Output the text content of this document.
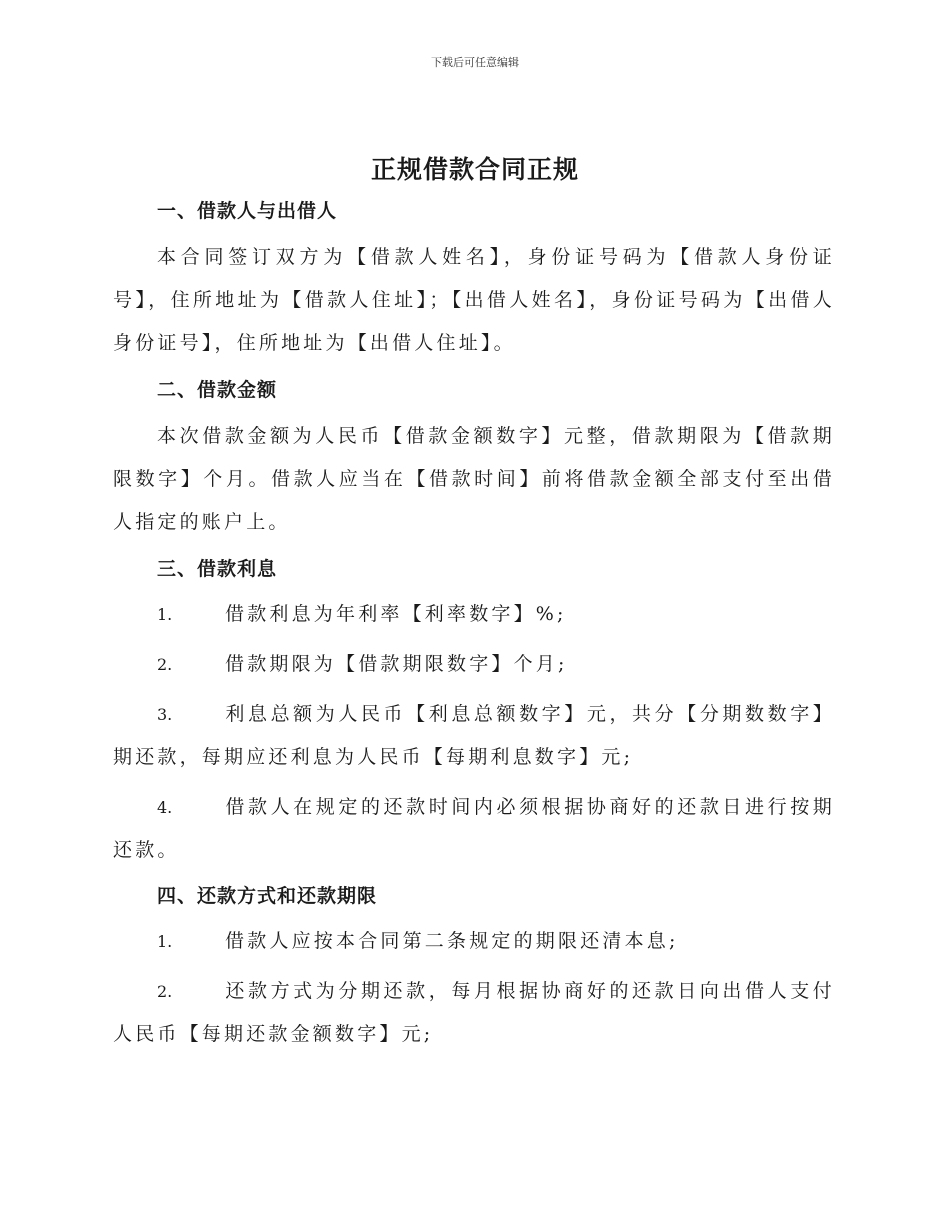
下载后可任意编辑
正规借款合同正规
一、借款人与出借人

本合同签订双方为【借款人姓名】，身份证号码为【借款人身份证号】，住所地址为【借款人住址】；【出借人姓名】，身份证号码为【出借人身份证号】，住所地址为【出借人住址】。

二、借款金额

本次借款金额为人民币【借款金额数字】元整，借款期限为【借款期限数字】个月。借款人应当在【借款时间】前将借款金额全部支付至出借人指定的账户上。

三、借款利息

1.	借款利息为年利率【利率数字】%;

2.	借款期限为【借款期限数字】个月;

3.	利息总额为人民币【利息总额数字】元，共分【分期数数字】期还款，每期应还利息为人民币【每期利息数字】元;

4.	借款人在规定的还款时间内必须根据协商好的还款日进行按期还款。

四、还款方式和还款期限

1.	借款人应按本合同第二条规定的期限还清本息;

2.	还款方式为分期还款，每月根据协商好的还款日向出借人支付人民币【每期还款金额数字】元;
